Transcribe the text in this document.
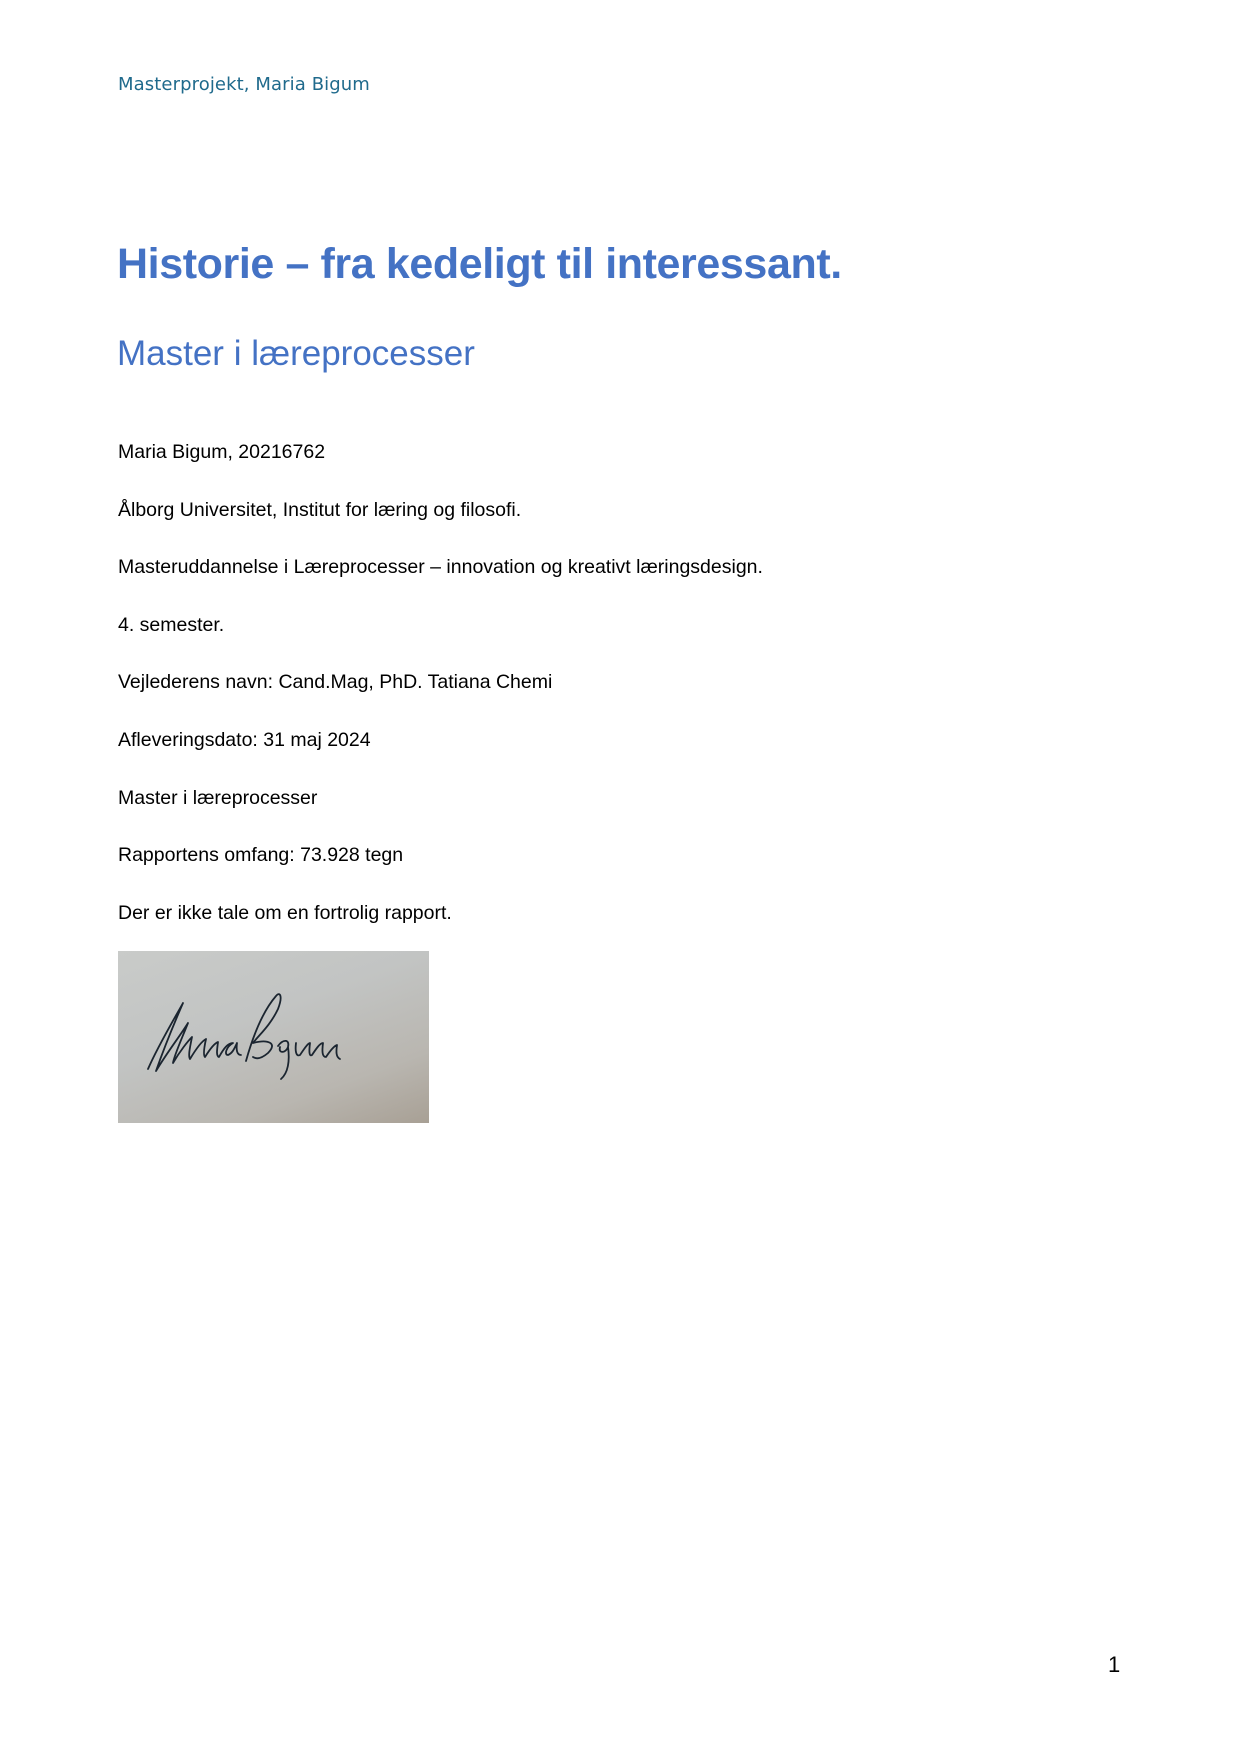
Masterprojekt, Maria Bigum
Historie – fra kedeligt til interessant.
Master i læreprocesser
Maria Bigum, 20216762
Ålborg Universitet, Institut for læring og filosofi.
Masteruddannelse i Læreprocesser – innovation og kreativt læringsdesign.
4. semester.
Vejlederens navn: Cand.Mag, PhD. Tatiana Chemi
Afleveringsdato: 31 maj 2024
Master i læreprocesser
Rapportens omfang: 73.928 tegn
Der er ikke tale om en fortrolig rapport.
1
